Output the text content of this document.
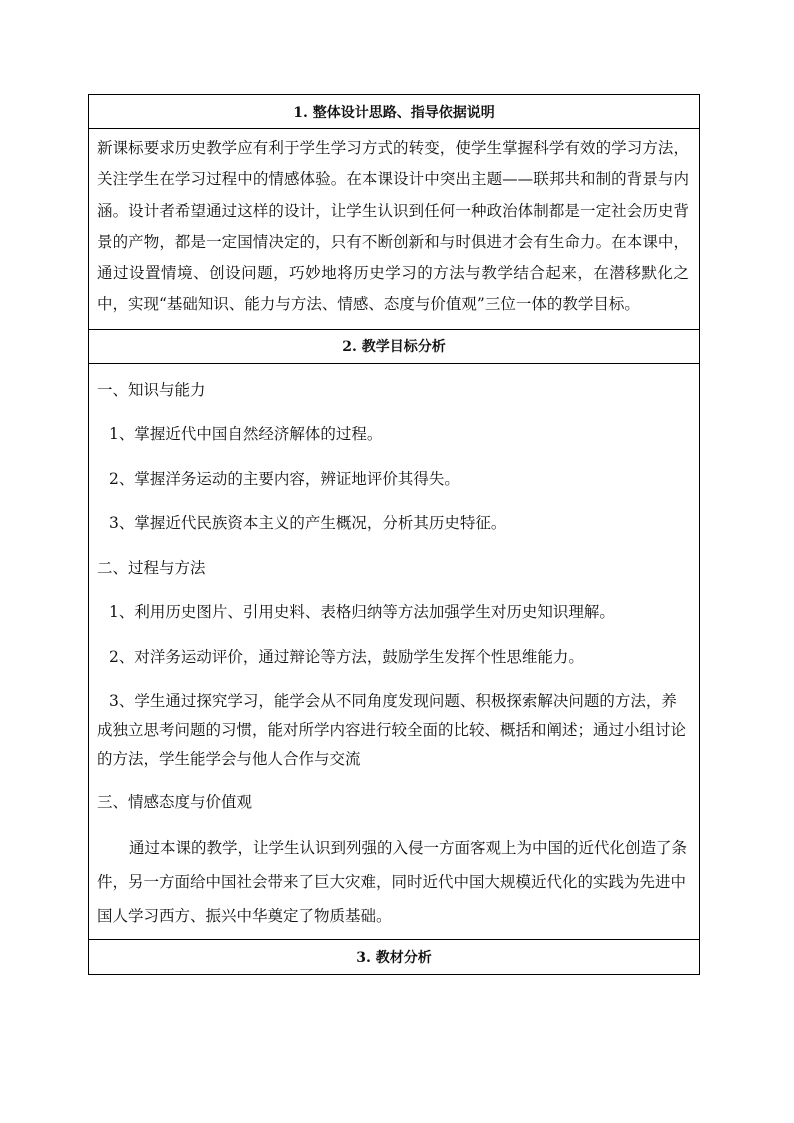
1. 整体设计思路、指导依据说明

新课标要求历史教学应有利于学生学习方式的转变，使学生掌握科学有效的学习方法，关注学生在学习过程中的情感体验。在本课设计中突出主题——联邦共和制的背景与内涵。设计者希望通过这样的设计，让学生认识到任何一种政治体制都是一定社会历史背景的产物，都是一定国情决定的，只有不断创新和与时俱进才会有生命力。在本课中，通过设置情境、创设问题，巧妙地将历史学习的方法与教学结合起来，在潜移默化之中，实现“基础知识、能力与方法、情感、态度与价值观”三位一体的教学目标。

2. 教学目标分析

一、知识与能力

1、掌握近代中国自然经济解体的过程。

2、掌握洋务运动的主要内容，辨证地评价其得失。

3、掌握近代民族资本主义的产生概况，分析其历史特征。

二、过程与方法

1、利用历史图片、引用史料、表格归纳等方法加强学生对历史知识理解。

2、对洋务运动评价，通过辩论等方法，鼓励学生发挥个性思维能力。

3、学生通过探究学习，能学会从不同角度发现问题、积极探索解决问题的方法，养成独立思考问题的习惯，能对所学内容进行较全面的比较、概括和阐述；通过小组讨论的方法，学生能学会与他人合作与交流

三、情感态度与价值观

通过本课的教学，让学生认识到列强的入侵一方面客观上为中国的近代化创造了条件，另一方面给中国社会带来了巨大灾难，同时近代中国大规模近代化的实践为先进中国人学习西方、振兴中华奠定了物质基础。

3. 教材分析
